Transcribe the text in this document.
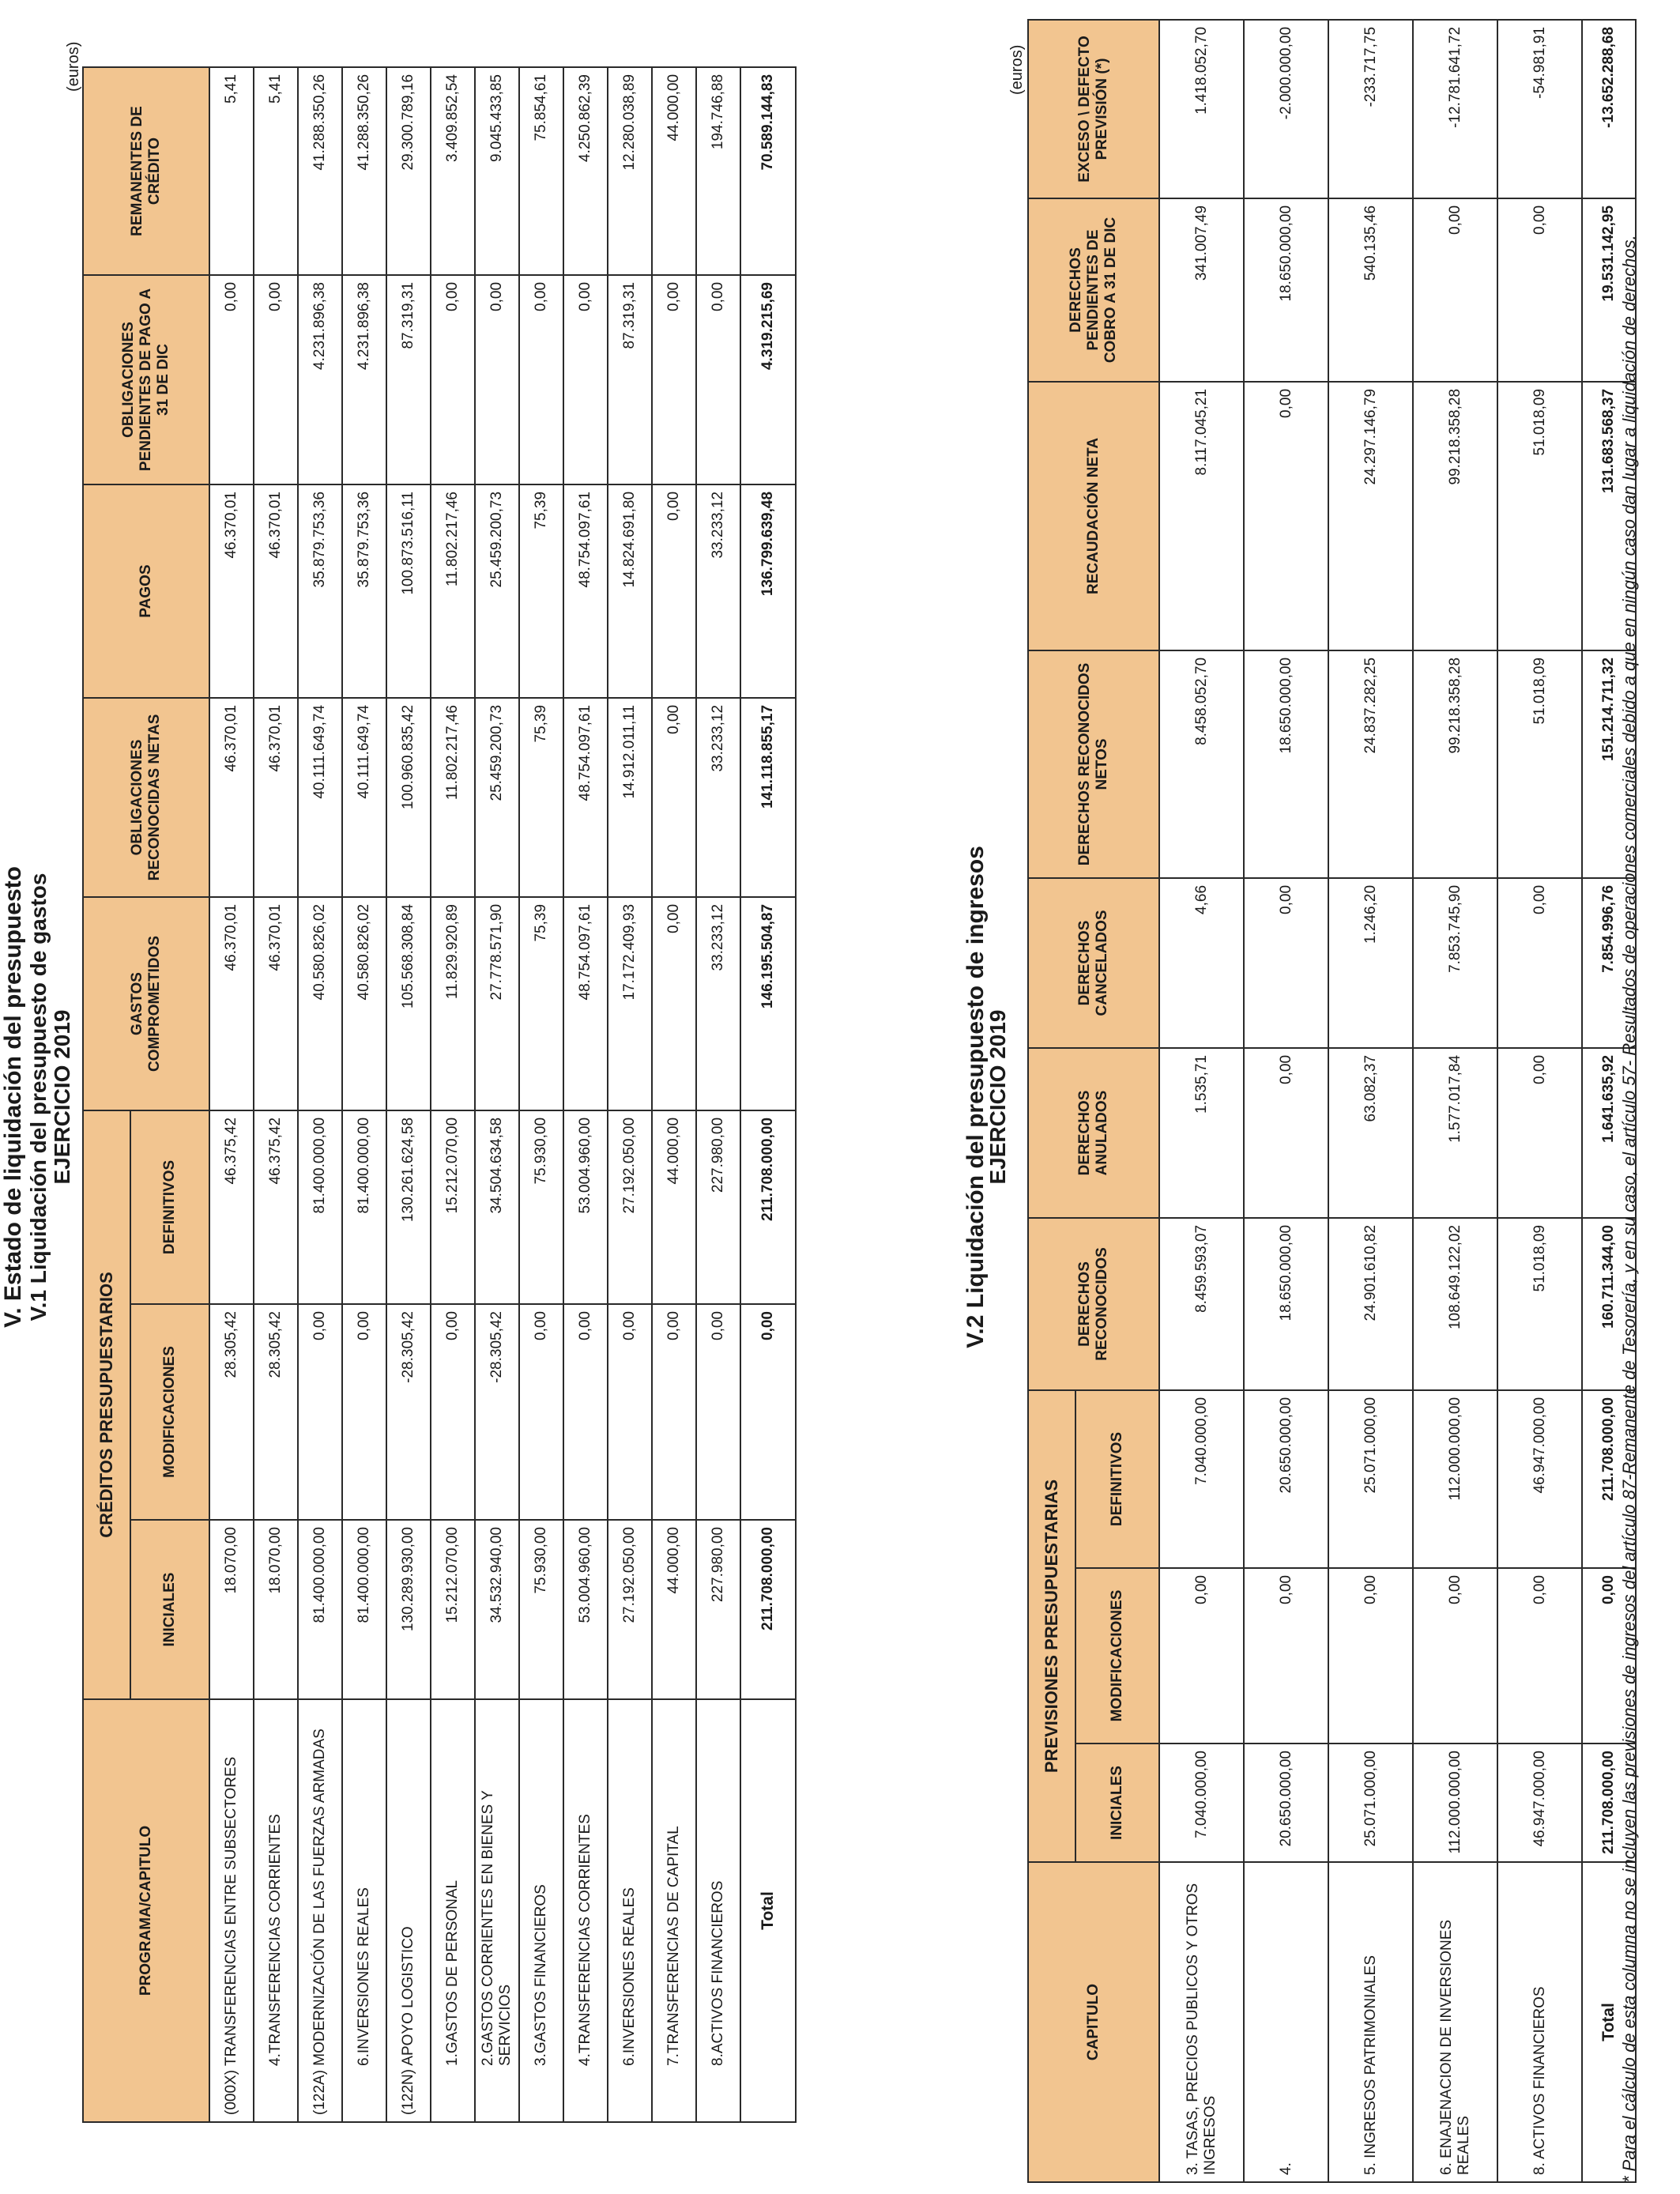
V. Estado de liquidación del presupuesto V.1 Liquidación del presupuesto de gastos EJERCICIO 2019
(euros)
PROGRAMA/CAPITULO	CRÉDITOS PRESUPUESTARIOS			GASTOS COMPROMETIDOS	OBLIGACIONES RECONOCIDAS NETAS	PAGOS	OBLIGACIONES PENDIENTES DE PAGO A 31 DE DIC	REMANENTES DE CRÉDITO
	INICIALES	MODIFICACIONES	DEFINITIVOS					
(000X) TRANSFERENCIAS ENTRE SUBSECTORES	18.070,00	28.305,42	46.375,42	46.370,01	46.370,01	46.370,01	0,00	5,41
4.TRANSFERENCIAS CORRIENTES	18.070,00	28.305,42	46.375,42	46.370,01	46.370,01	46.370,01	0,00	5,41
(122A) MODERNIZACIÓN DE LAS FUERZAS ARMADAS	81.400.000,00	0,00	81.400.000,00	40.580.826,02	40.111.649,74	35.879.753,36	4.231.896,38	41.288.350,26
6.INVERSIONES REALES	81.400.000,00	0,00	81.400.000,00	40.580.826,02	40.111.649,74	35.879.753,36	4.231.896,38	41.288.350,26
(122N) APOYO LOGISTICO	130.289.930,00	-28.305,42	130.261.624,58	105.568.308,84	100.960.835,42	100.873.516,11	87.319,31	29.300.789,16
1.GASTOS DE PERSONAL	15.212.070,00	0,00	15.212.070,00	11.829.920,89	11.802.217,46	11.802.217,46	0,00	3.409.852,54
2.GASTOS CORRIENTES EN BIENES Y SERVICIOS	34.532.940,00	-28.305,42	34.504.634,58	27.778.571,90	25.459.200,73	25.459.200,73	0,00	9.045.433,85
3.GASTOS FINANCIEROS	75.930,00	0,00	75.930,00	75,39	75,39	75,39	0,00	75.854,61
4.TRANSFERENCIAS CORRIENTES	53.004.960,00	0,00	53.004.960,00	48.754.097,61	48.754.097,61	48.754.097,61	0,00	4.250.862,39
6.INVERSIONES REALES	27.192.050,00	0,00	27.192.050,00	17.172.409,93	14.912.011,11	14.824.691,80	87.319,31	12.280.038,89
7.TRANSFERENCIAS DE CAPITAL	44.000,00	0,00	44.000,00	0,00	0,00	0,00	0,00	44.000,00
8.ACTIVOS FINANCIEROS	227.980,00	0,00	227.980,00	33.233,12	33.233,12	33.233,12	0,00	194.746,88
Total	211.708.000,00	0,00	211.708.000,00	146.195.504,87	141.118.855,17	136.799.639,48	4.319.215,69	70.589.144,83
V.2 Liquidación del presupuesto de ingresos
EJERCICIO 2019
(euros)
CAPITULO	PREVISIONES PRESUPUESTARIAS			DERECHOS RECONOCIDOS	DERECHOS ANULADOS	DERECHOS CANCELADOS	DERECHOS RECONOCIDOS NETOS	RECAUDACIÓN NETA	DERECHOS PENDIENTES DE COBRO A 31 DE DIC	EXCESO \ DEFECTO PREVISIÓN (*)
	INICIALES	MODIFICACIONES	DEFINITIVOS							
3. TASAS, PRECIOS PUBLICOS Y OTROS INGRESOS	7.040.000,00	0,00	7.040.000,00	8.459.593,07	1.535,71	4,66	8.458.052,70	8.117.045,21	341.007,49	1.418.052,70
4.	20.650.000,00	0,00	20.650.000,00	18.650.000,00	0,00	0,00	18.650.000,00	0,00	18.650.000,00	-2.000.000,00
5. INGRESOS PATRIMONIALES	25.071.000,00	0,00	25.071.000,00	24.901.610,82	63.082,37	1.246,20	24.837.282,25	24.297.146,79	540.135,46	-233.717,75
6. ENAJENACION DE INVERSIONES REALES	112.000.000,00	0,00	112.000.000,00	108.649.122,02	1.577.017,84	7.853.745,90	99.218.358,28	99.218.358,28	0,00	-12.781.641,72
8. ACTIVOS FINANCIEROS	46.947.000,00	0,00	46.947.000,00	51.018,09	0,00	0,00	51.018,09	51.018,09	0,00	-54.981,91
Total	211.708.000,00	0,00	211.708.000,00	160.711.344,00	1.641.635,92	7.854.996,76	151.214.711,32	131.683.568,37	19.531.142,95	-13.652.288,68
* Para el cálculo de esta columna no se incluyen las previsiones de ingresos del artículo 87-Remanente de Tesorería, y en su caso, el artículo 57- Resultados de operaciones comerciales debido a que en ningún caso dan lugar a liquidación de derechos.
